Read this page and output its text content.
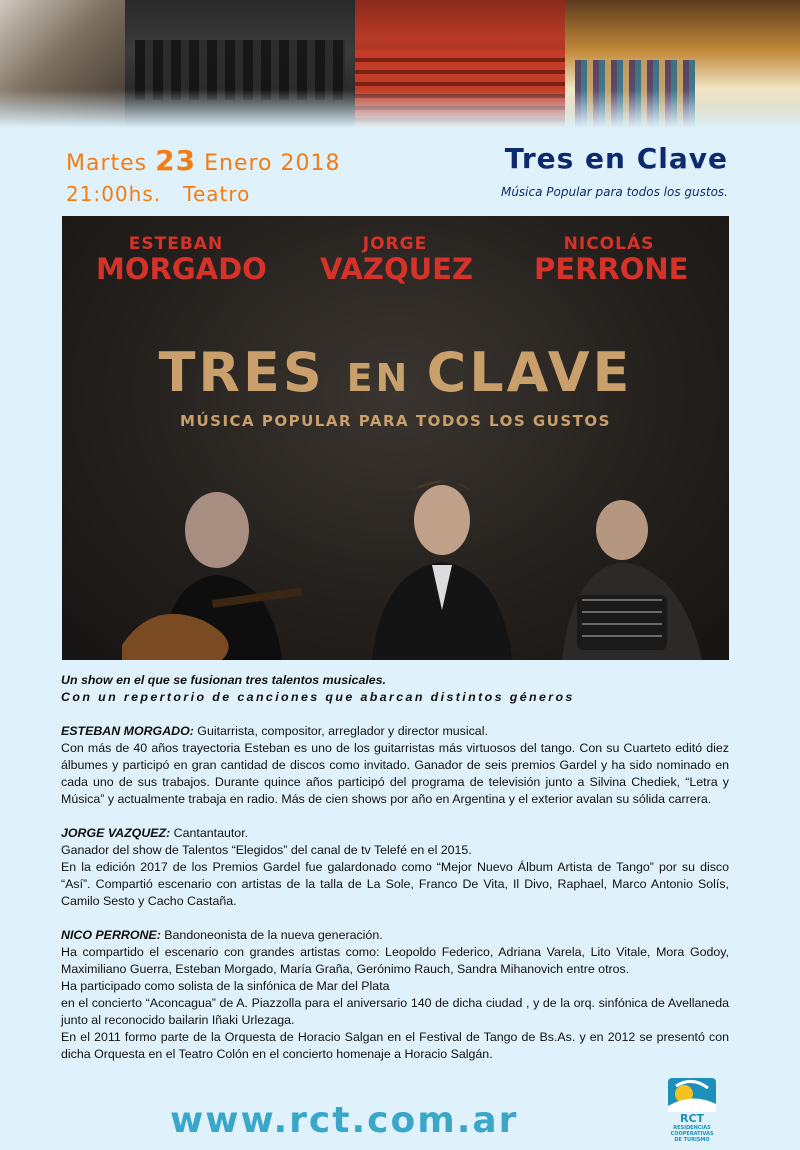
Martes 23 Enero 2018
21:00hs. Teatro
Tres en Clave
Música Popular para todos los gustos.
ESTEBAN
MORGADO
JORGE
VAZQUEZ
NICOLÁS
PERRONE
TRES EN CLAVE
MÚSICA POPULAR PARA TODOS LOS GUSTOS

Un show en el que se fusionan tres talentos musicales.

Con un repertorio de canciones que abarcan distintos géneros

ESTEBAN MORGADO: Guitarrista, compositor, arreglador y director musical.

Con más de 40 años trayectoria Esteban es uno de los guitarristas más virtuosos del tango. Con su Cuarteto editó diez álbumes y participó en gran cantidad de discos como invitado. Ganador de seis premios Gardel y ha sido nominado en cada uno de sus trabajos. Durante quince años participó del programa de televisión junto a Silvina Chediek, “Letra y Música” y actualmente trabaja en radio. Más de cien shows por año en Argentina y el exterior avalan su sólida carrera.

JORGE VAZQUEZ: Cantantautor.

Ganador del show de Talentos “Elegidos” del canal de tv Telefé en el 2015.

En la edición 2017 de los Premios Gardel fue galardonado como “Mejor Nuevo Álbum Artista de Tango” por su disco “Así”. Compartió escenario con artistas de la talla de La Sole, Franco De Vita, Il Divo, Raphael, Marco Antonio Solís, Camilo Sesto y Cacho Castaña.

NICO PERRONE: Bandoneonista de la nueva generación.

Ha compartido el escenario con grandes artistas como: Leopoldo Federico, Adriana Varela, Lito Vitale, Mora Godoy, Maximiliano Guerra, Esteban Morgado, María Graña, Gerónimo Rauch, Sandra Mihanovich entre otros.

Ha participado como solista de la sinfónica de Mar del Plata

en el concierto “Aconcagua” de A. Piazzolla para el aniversario 140 de dicha ciudad , y de la orq. sinfónica de Avellaneda junto al reconocido bailarin Iñaki Urlezaga.

En el 2011 formo parte de la Orquesta de Horacio Salgan en el Festival de Tango de Bs.As. y en 2012 se presentó con dicha Orquesta en el Teatro Colón en el concierto homenaje a Horacio Salgán.

www.rct.com.ar	RCT
RESIDENCIAS
COOPERATIVAS
DE TURISMO
